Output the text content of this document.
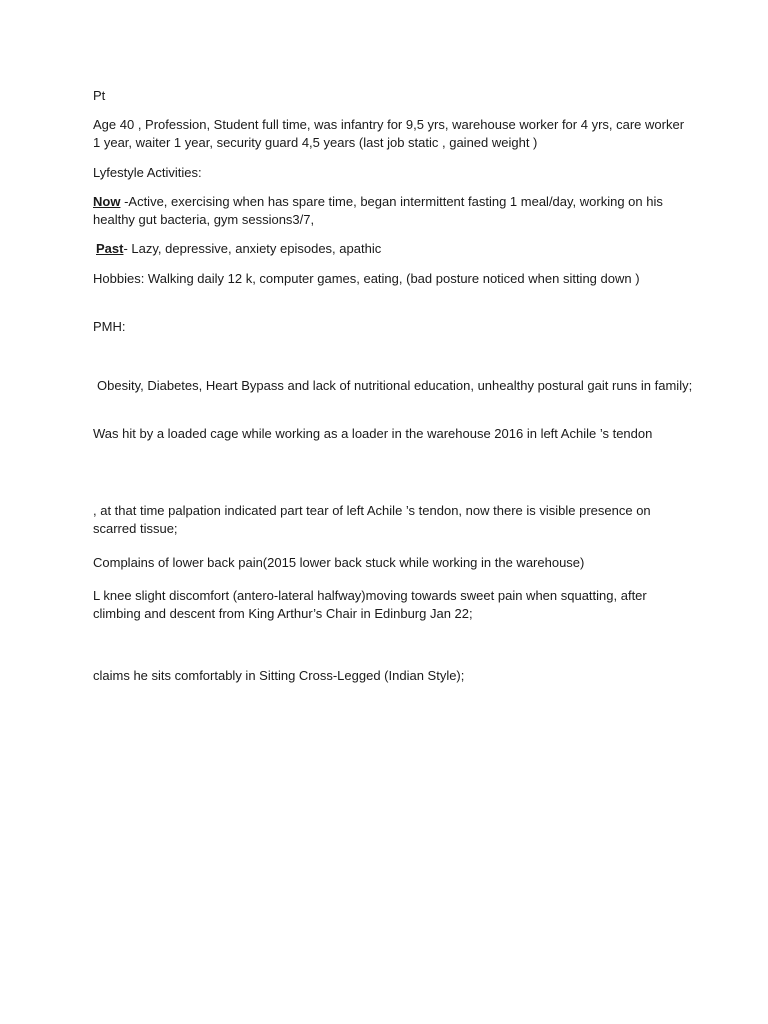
Pt
Age 40 , Profession, Student full time, was infantry for 9,5 yrs, warehouse worker for 4 yrs, care worker 1 year, waiter 1 year, security guard 4,5 years (last job static , gained weight )
Lyfestyle Activities:
Now -Active, exercising when has spare time, began intermittent fasting 1 meal/day, working on his healthy gut bacteria, gym sessions3/7,
Past- Lazy, depressive, anxiety episodes, apathic
Hobbies: Walking daily 12 k, computer games, eating, (bad posture noticed when sitting down )
PMH:
Obesity, Diabetes, Heart Bypass and lack of nutritional education, unhealthy postural gait runs in family;
Was hit by a loaded cage while working as a loader in the warehouse 2016 in left Achile ’s tendon
, at that time palpation indicated part tear of left Achile ’s tendon, now there is visible presence on scarred tissue;
Complains of lower back pain(2015 lower back stuck while working in the warehouse)
L knee slight discomfort (antero-lateral halfway)moving towards sweet pain when squatting, after climbing and descent from King Arthur’s Chair in Edinburg Jan 22;
claims he sits comfortably in Sitting Cross-Legged (Indian Style);
